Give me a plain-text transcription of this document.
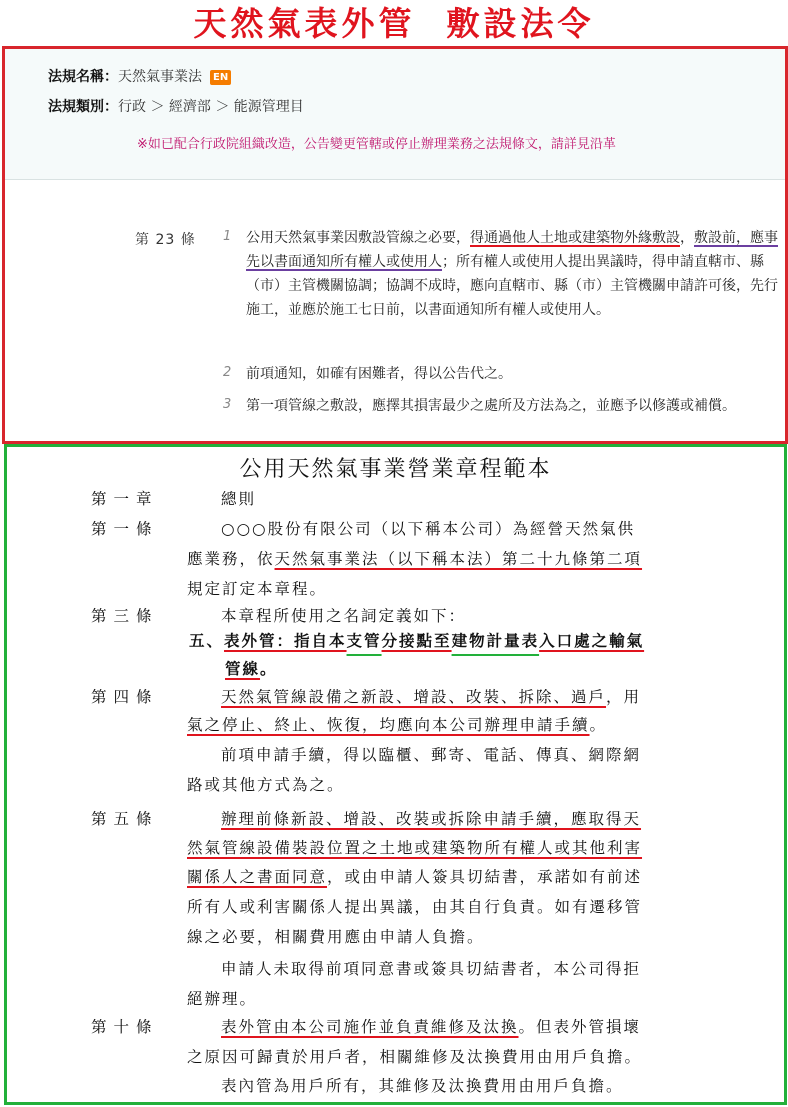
天然氣表外管  敷設法令
法規名稱：天然氣事業法 EN
法規類別：行政 ＞ 經濟部 ＞ 能源管理目
※如已配合行政院組織改造，公告變更管轄或停止辦理業務之法規條文，請詳見沿革
第 23 條 1 公用天然氣事業因敷設管線之必要，得通過他人土地或建築物外緣敷設，敷設前，應事先以書面通知所有權人或使用人；所有權人或使用人提出異議時，得申請直轄市、縣（市）主管機關協調；協調不成時，應向直轄市、縣（市）主管機關申請許可後，先行施工，並應於施工七日前，以書面通知所有權人或使用人。
2 前項通知，如確有困難者，得以公告代之。
3 第一項管線之敷設，應擇其損害最少之處所及方法為之，並應予以修護或補償。
公用天然氣事業營業章程範本
第一章	總則
第一條	○○○股份有限公司（以下稱本公司）為經營天然氣供
應業務，依天然氣事業法（以下稱本法）第二十九條第二項
規定訂定本章程。
第三條	本章程所使用之名詞定義如下：
五、表外管：指自本支管分接點至建物計量表入口處之輸氣
管線。
第四條	天然氣管線設備之新設、增設、改裝、拆除、過戶，用
氣之停止、終止、恢復，均應向本公司辦理申請手續。
前項申請手續，得以臨櫃、郵寄、電話、傳真、網際網
路或其他方式為之。
第五條	辦理前條新設、增設、改裝或拆除申請手續，應取得天
然氣管線設備裝設位置之土地或建築物所有權人或其他利害
關係人之書面同意，或由申請人簽具切結書，承諾如有前述
所有人或利害關係人提出異議，由其自行負責。如有遷移管
線之必要，相關費用應由申請人負擔。
申請人未取得前項同意書或簽具切結書者，本公司得拒
絕辦理。
第十條	表外管由本公司施作並負責維修及汰換。但表外管損壞
之原因可歸責於用戶者，相關維修及汰換費用由用戶負擔。
表內管為用戶所有，其維修及汰換費用由用戶負擔。
